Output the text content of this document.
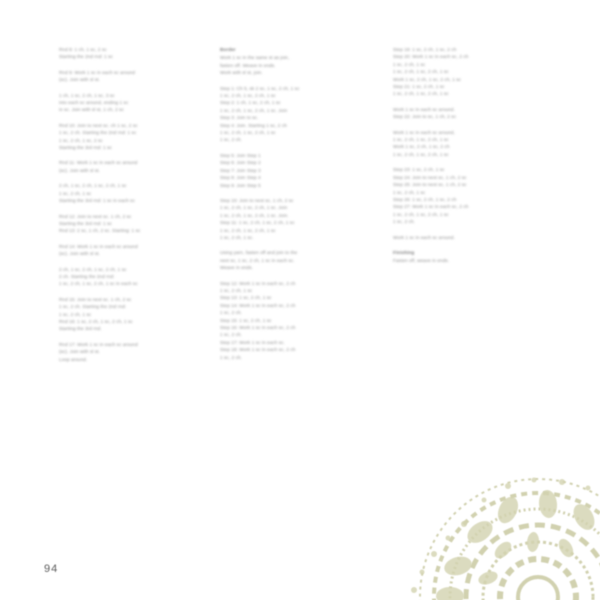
Rnd 8: 1 ch, 1 sc, 2 sc
Starting the 2nd rnd: 1 sc
Rnd 9: Work 1 sc in each sc around
(sc). Join with sl st.
1 ch, 1 sc, 2 ch, 1 sc, 3 sc
into each sc around, ending 1 sc
in sc. Join with sl st, 1 ch, 2 sc
Rnd 10: Join to next sc. ch 1 sc, 2 sc
1 sc, 2 ch. Starting the 2nd rnd: 1 sc
1 sc, 2 ch, 1 sc, 2 sc
Starting the 3rd rnd: 1 sc
Rnd 11: Work 1 sc in each sc around
(sc). Join with sl st.
2 ch, 1 sc, 2 ch, 1 sc, 2 ch, 1 sc
1 sc, 2 ch, 1 sc
Starting the 3rd rnd: 1 sc in each sc
Rnd 12: Join to next sc. 1 ch, 2 sc
Starting the 3rd rnd: 1 sc
Rnd 13: 2 sc, 1 ch, 2 sc. Starting: 1 sc
Rnd 14: Work 1 sc in each sc around
(sc). Join with sl st.
2 ch, 1 sc, 2 ch, 1 sc, 2 ch, 1 sc
2 ch. Starting the 2nd rnd:
1 sc, 2 ch, 1 sc, 2 ch, 1 sc in each sc
Rnd 15: Join to next sc. 1 ch, 2 sc
1 sc, 2 ch. Starting the 2nd rnd:
1 sc, 2 ch, 1 sc
Rnd 16: 1 sc, 2 ch, 1 sc, 2 ch, 1 sc
Starting the 3rd rnd.
Rnd 17: Work 1 sc in each sc around
(sc). Join with sl st.
Loop around.
Border
Work 1 sc in the same st as join,
fasten off. Weave in ends.
Work with sl st, join.
Step 1: Ch 5, sk 2 sc, 1 sc, 2 ch, 1 sc
1 sc, 2 ch, 1 sc, 2 ch, 1 sc
Step 2: 1 ch, 1 sc, 2 ch, 1 sc
1 sc, 2 ch, 1 sc, 2 ch, 1 sc. Join
Step 3: Join to sc.
Step 4: Join. Starting 1 sc, 2 ch
1 sc, 2 ch, 1 sc, 2 ch, 1 sc
1 sc, 2 ch.
Step 5: Join Step 1
Step 6: Join Step 2
Step 7: Join Step 3
Step 8: Join Step 4
Step 9: Join Step 5
Step 10: Join to next sc, 1 ch, 2 sc
1 sc, 2 ch, 1 sc, 2 ch, 1 sc. Join
1 sc, 2 ch, 1 sc, 2 ch, 1 sc. Join.
Step 11: 1 sc, 2 ch, 1 sc, 2 ch, 1 sc
1 sc, 2 ch, 1 sc, 2 ch, 1 sc
1 sc, 2 ch, 1 sc.
Using yarn, fasten off and join to the
next sc, 1 sc, 2 ch, 1 sc in each sc.
Weave in ends.
Step 12: Work 1 sc in each sc, 2 ch
1 sc, 2 ch, 1 sc
Step 13: 1 sc, 2 ch, 1 sc
Step 14: Work 1 sc in each sc, 2 ch
1 sc, 2 ch.
Step 15: 1 sc, 2 ch, 1 sc
Step 16: Work 1 sc in each sc, 2 ch
1 sc, 2 ch.
Step 17: Work 1 sc in each sc.
Step 18: Work 1 sc in each sc, 2 ch
1 sc, 2 ch.
Step 19: 1 sc, 2 ch, 1 sc, 2 ch
Step 20: Work 1 sc in each sc, 2 ch
1 sc, 2 ch, 1 sc
1 sc, 2 ch, 1 sc, 2 ch, 1 sc
Work 1 sc, 2 ch, 1 sc, 2 ch, 1 sc
Step 21: 1 sc, 2 ch, 1 sc
1 sc, 2 ch, 1 sc, 2 ch, 1 sc
Work 1 sc in each sc around.
Step 22: Join to sc, 1 ch, 2 sc
Work 1 sc in each sc around,
1 sc, 2 ch, 1 sc, 2 ch, 1 sc
Work 1 sc, 2 ch, 1 sc, 2 ch
1 sc, 2 ch, 1 sc, 2 ch, 1 sc
Step 23: 1 sc, 2 ch, 1 sc
Step 24: Join to next sc, 1 ch, 2 sc
Step 25: Join to next sc, 1 ch, 2 sc
1 sc, 2 ch, 1 sc
Step 26: 1 sc, 2 ch, 1 sc, 2 ch
Step 27: Work 1 sc in each sc, 2 ch
1 sc, 2 ch, 1 sc, 2 ch, 1 sc
1 sc, 2 ch.
Work 1 sc in each sc around.
Finishing
Fasten off, weave in ends.
94
